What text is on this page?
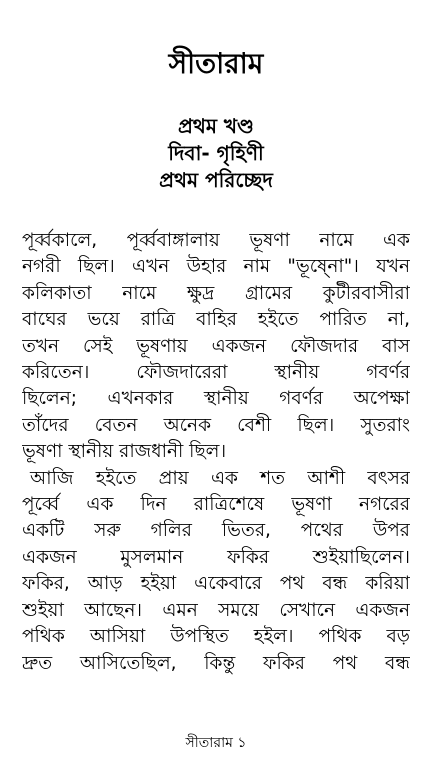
সীতারাম
প্রথম খণ্ড
দিবা- গৃহিণী
প্রথম পরিচ্ছেদ
পূর্ব্বকালে, পূর্ব্ববাঙ্গালায় ভূষণা নামে এক
নগরী ছিল। এখন উহার নাম "ভূষ্নো"। যখন
কলিকাতা নামে ক্ষুদ্র গ্রামের কুটীরবাসীরা
বাঘের ভয়ে রাত্রি বাহির হইতে পারিত না,
তখন সেই ভূষণায় একজন ফৌজদার বাস
করিতেন। ফৌজদারেরা স্থানীয় গবর্ণর
ছিলেন; এখনকার স্থানীয় গবর্ণর অপেক্ষা
তাঁদের বেতন অনেক বেশী ছিল। সুতরাং
ভূষণা স্থানীয় রাজধানী ছিল।
আজি হইতে প্রায় এক শত আশী বৎসর
পূর্ব্বে এক দিন রাত্রিশেষে ভূষণা নগরের
একটি সরু গলির ভিতর, পথের উপর
একজন মুসলমান ফকির শুইয়াছিলেন।
ফকির, আড় হইয়া একেবারে পথ বন্ধ করিয়া
শুইয়া আছেন। এমন সময়ে সেখানে একজন
পথিক আসিয়া উপস্থিত হইল। পথিক বড়
দ্রুত আসিতেছিল, কিন্তু ফকির পথ বন্ধ
সীতারাম ১
